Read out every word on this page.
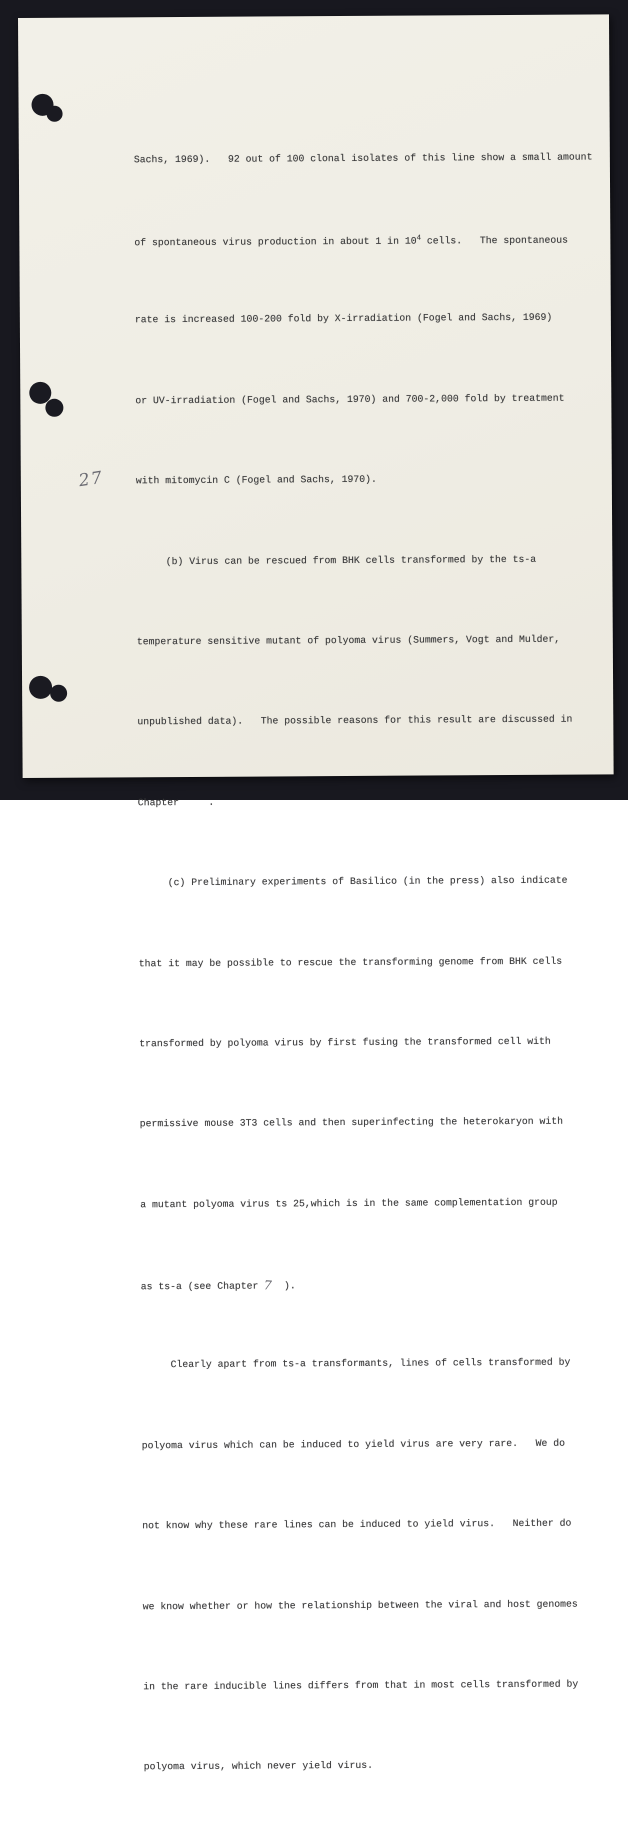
27

Sachs, 1969).   92 out of 100 clonal isolates of this line show a small amount

of spontaneous virus production in about 1 in $10^4$ cells.   The spontaneous

rate is increased 100-200 fold by X-irradiation (Fogel and Sachs, 1969)

or UV-irradiation (Fogel and Sachs, 1970) and 700-2,000 fold by treatment

with mitomycin C (Fogel and Sachs, 1970).

(b) Virus can be rescued from BHK cells transformed by the ts-a

temperature sensitive mutant of polyoma virus (Summers, Vogt and Mulder,

unpublished data).   The possible reasons for this result are discussed in

Chapter     .

(c) Preliminary experiments of Basilico (in the press) also indicate

that it may be possible to rescue the transforming genome from BHK cells

transformed by polyoma virus by first fusing the transformed cell with

permissive mouse 3T3 cells and then superinfecting the heterokaryon with

a mutant polyoma virus ts 25,which is in the same complementation group

as ts-a (see Chapter 7  ).

Clearly apart from ts-a transformants, lines of cells transformed by

polyoma virus which can be induced to yield virus are very rare.   We do

not know why these rare lines can be induced to yield virus.   Neither do

we know whether or how the relationship between the viral and host genomes

in the rare inducible lines differs from that in most cells transformed by

polyoma virus, which never yield virus.
